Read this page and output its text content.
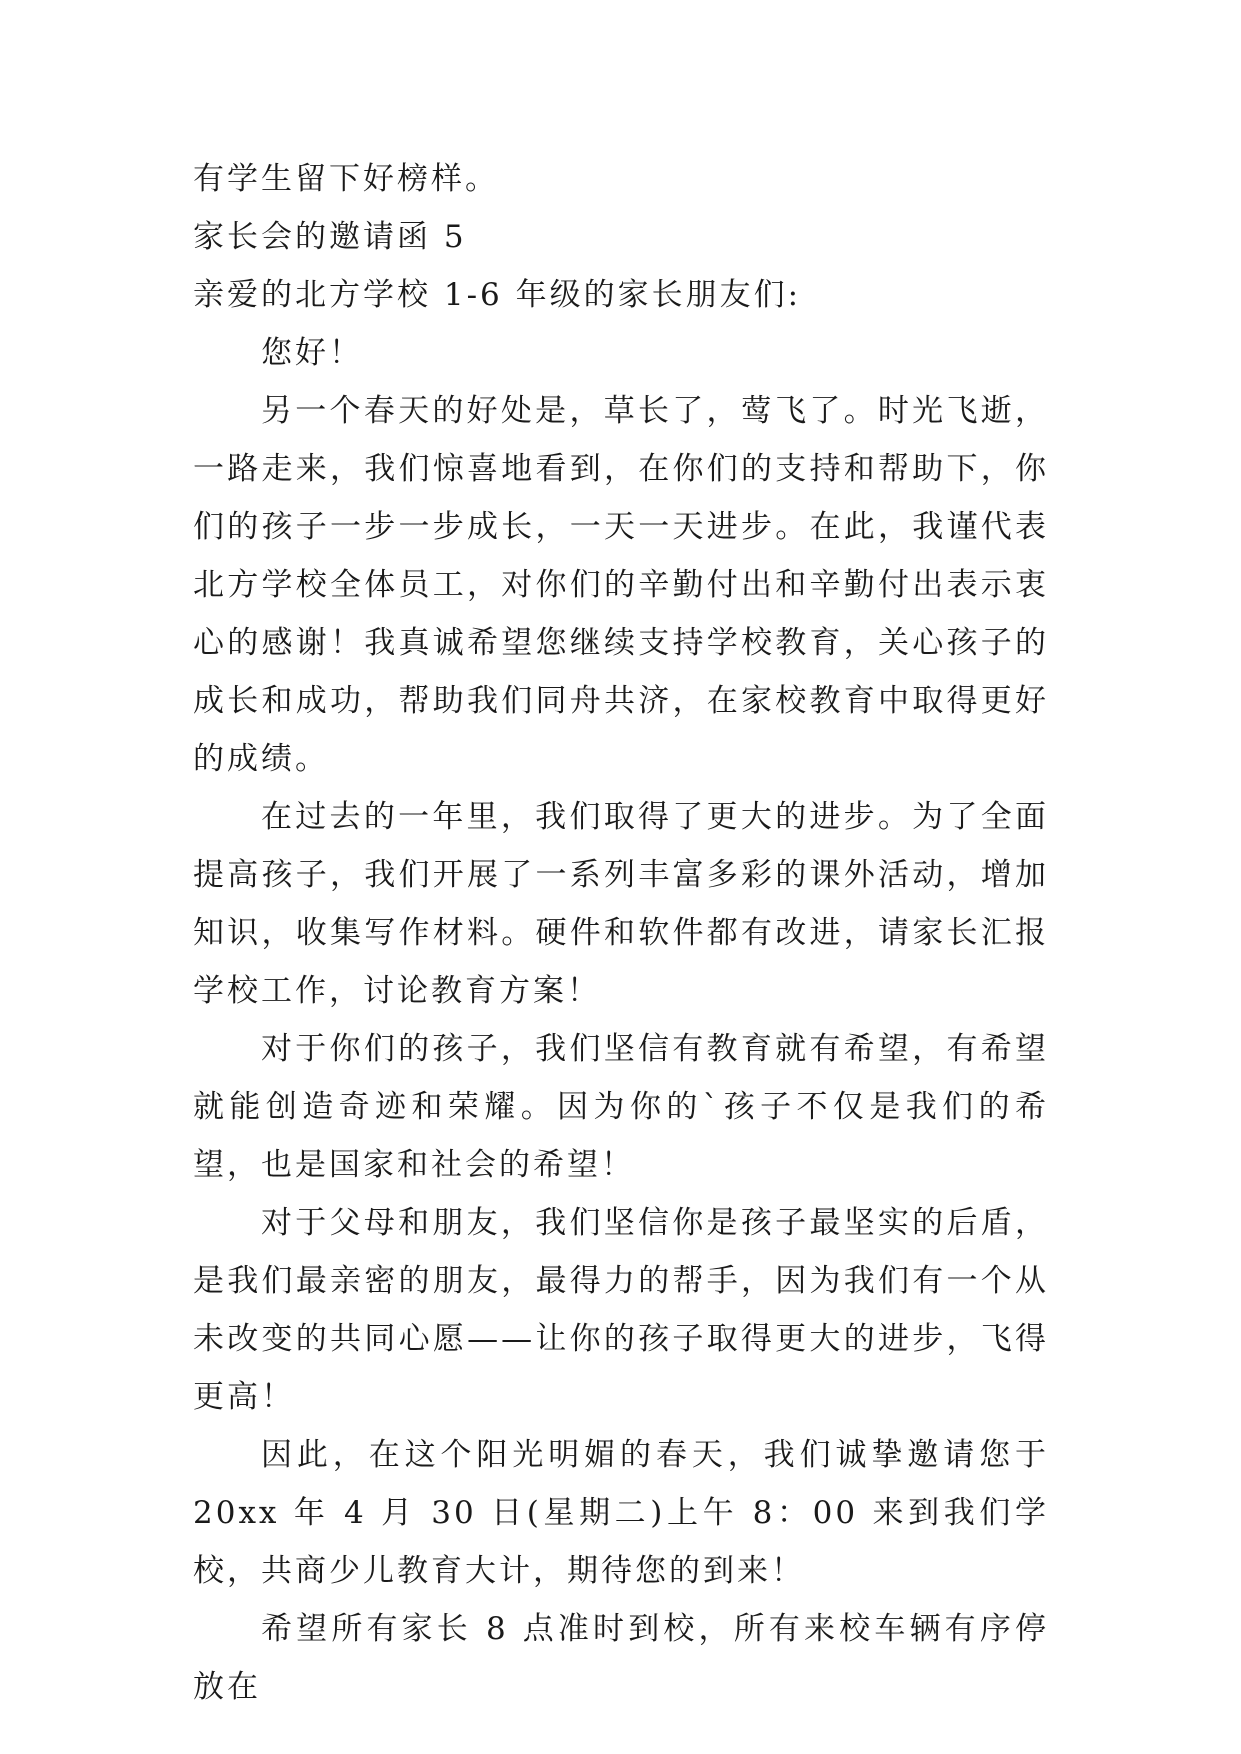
有学生留下好榜样。
家长会的邀请函 5
亲爱的北方学校 1-6 年级的家长朋友们:

您好！

另一个春天的好处是，草长了，莺飞了。时光飞逝，一路走来，我们惊喜地看到，在你们的支持和帮助下，你们的孩子一步一步成长，一天一天进步。在此，我谨代表北方学校全体员工，对你们的辛勤付出和辛勤付出表示衷心的感谢！我真诚希望您继续支持学校教育，关心孩子的成长和成功，帮助我们同舟共济，在家校教育中取得更好的成绩。

在过去的一年里，我们取得了更大的进步。为了全面提高孩子，我们开展了一系列丰富多彩的课外活动，增加知识，收集写作材料。硬件和软件都有改进，请家长汇报学校工作，讨论教育方案！

对于你们的孩子，我们坚信有教育就有希望，有希望就能创造奇迹和荣耀。因为你的`孩子不仅是我们的希望，也是国家和社会的希望！

对于父母和朋友，我们坚信你是孩子最坚实的后盾，是我们最亲密的朋友，最得力的帮手，因为我们有一个从未改变的共同心愿——让你的孩子取得更大的进步，飞得更高！

因此，在这个阳光明媚的春天，我们诚挚邀请您于 20xx 年 4 月 30 日(星期二)上午 8：00 来到我们学校，共商少儿教育大计，期待您的到来！

希望所有家长 8 点准时到校，所有来校车辆有序停放在
